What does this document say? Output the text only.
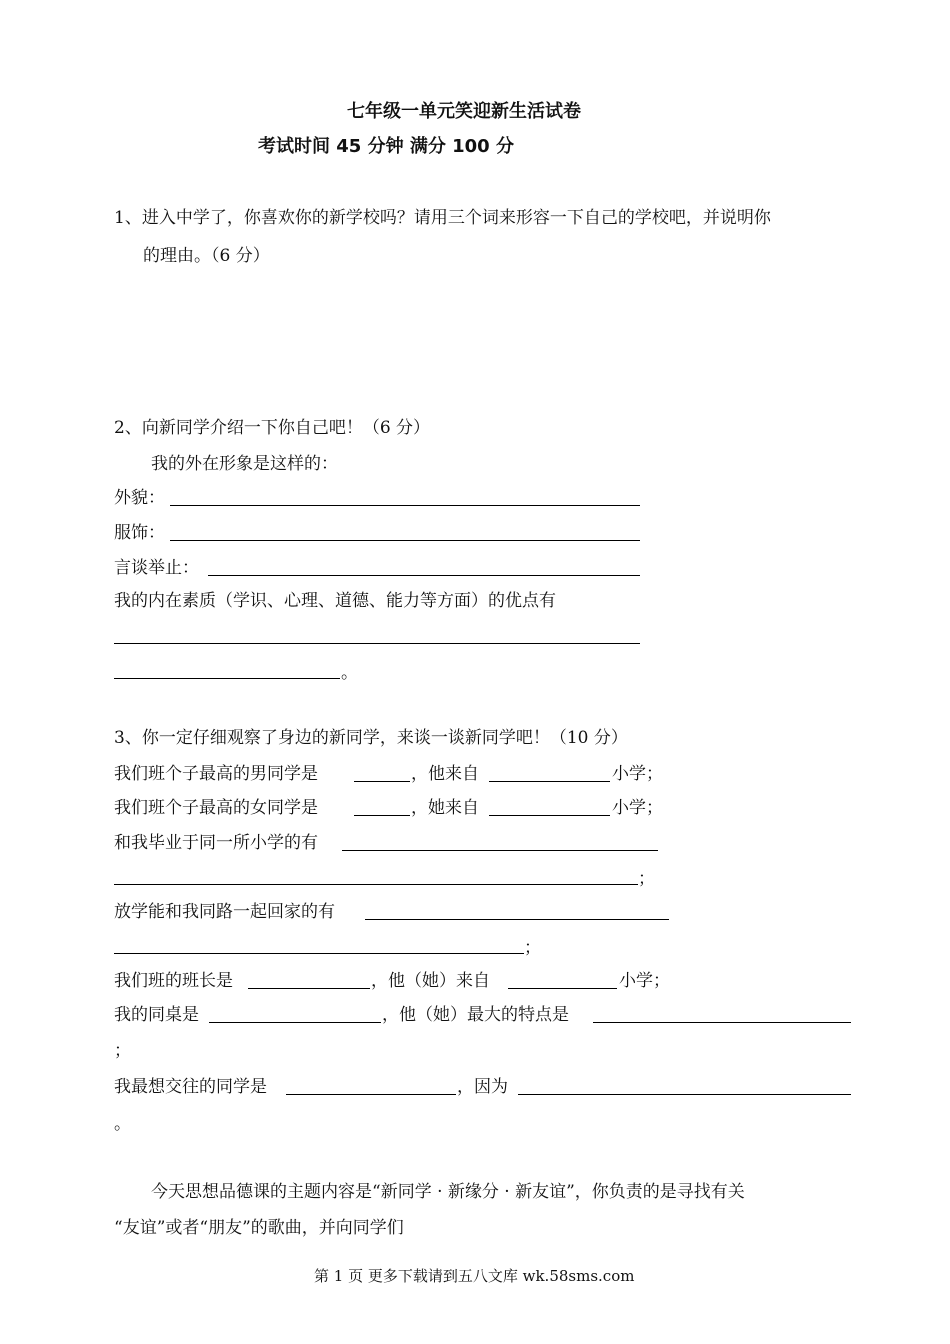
七年级一单元笑迎新生活试卷
考试时间 45 分钟 满分 100 分
1、进入中学了，你喜欢你的新学校吗？请用三个词来形容一下自己的学校吧，并说明你
的理由。（6 分）
2、向新同学介绍一下你自己吧！（6 分）
我的外在形象是这样的：
外貌：
服饰：
言谈举止：
我的内在素质（学识、心理、道德、能力等方面）的优点有
。
3、你一定仔细观察了身边的新同学，来谈一谈新同学吧！（10 分）
我们班个子最高的男同学是	，他来自	小学；
我们班个子最高的女同学是	，她来自	小学；
和我毕业于同一所小学的有
；
放学能和我同路一起回家的有
；
我们班的班长是	，他（她）来自	小学；
我的同桌是	，他（她）最大的特点是
；
我最想交往的同学是	，因为
。
今天思想品德课的主题内容是“新同学 · 新缘分 · 新友谊”，你负责的是寻找有关
“友谊”或者“朋友”的歌曲，并向同学们
第 1 页 更多下载请到五八文库 wk.58sms.com
